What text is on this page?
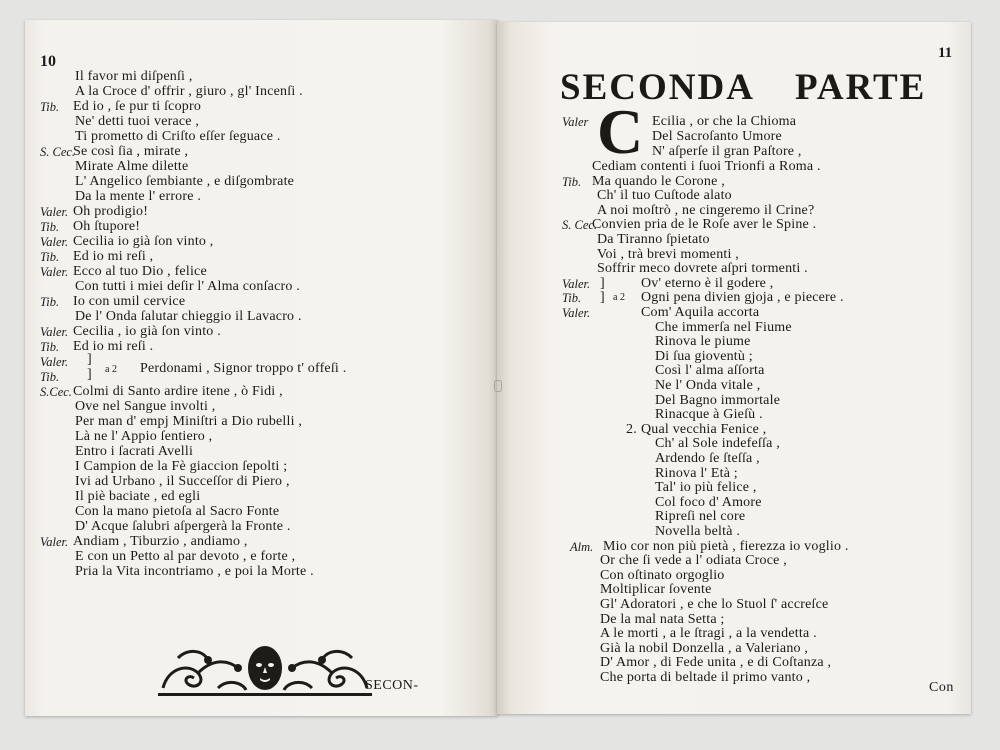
10
Il favor mi diſpenſi ,
A la Croce d' offrir , giuro , gl' Incenſi .
Tib. Ed io , ſe pur ti ſcopro
Ne' detti tuoi verace ,
Ti prometto di Criſto eſſer ſeguace .
S. Cec.
Se così ſia , mirate ,
Mirate Alme dilette
L' Angelico ſembiante , e diſgombrate
Da la mente l' errore .
Valer. Oh prodigio!
Tib. Oh ſtupore!
Valer. Cecilia io già ſon vinto ,
Tib. Ed io mi reſi ,
Valer. Ecco al tuo Dio , felice
Con tutti i miei deſir l' Alma conſacro .
Tib. Io con umil cervice
De l' Onda ſalutar chieggio il Lavacro .
Valer. Cecilia , io già ſon vinto .
Tib. Ed io mi reſi .
Valer. ]
Tib. ] a 2 Perdonami , Signor troppo t' offeſi .
S.Cec. Colmi di Santo ardire itene , ò Fidi ,
Ove nel Sangue involti ,
Per man d' empj Miniſtri a Dio rubelli ,
Là ne l' Appio ſentiero ,
Entro i ſacrati Avelli
I Campion de la Fè giaccion ſepolti ;
Ivi ad Urbano , il Succeſſor di Piero ,
Il piè baciate , ed egli
Con la mano pietoſa al Sacro Fonte
D' Acque ſalubri aſpergerà la Fronte .
Valer. Andiam , Tiburzio , andiamo ,
E con un Petto al par devoto , e forte ,
Pria la Vita incontriamo , e poi la Morte .
SECON-
11
SECONDA PARTE
C
Valer	Ecilia , or che la Chioma
Del Sacroſanto Umore
N' aſperſe il gran Paſtore ,
Cediam contenti i ſuoi Trionfi a Roma .
Tib. Ma quando le Corone ,
Ch' il tuo Cuſtode alato
A noi moſtrò , ne cingeremo il Crine?
S. Cec.
Convien pria de le Roſe aver le Spine .
Da Tiranno ſpietato
Voi , trà brevi momenti ,
Soffrir meco dovrete aſpri tormenti .
Valer. ]	Ov' eterno è il godere ,
Tib. ] a 2 Ogni pena divien gjoja , e piecere .
Valer.	Com' Aquila accorta
Che immerſa nel Fiume
Rinova le piume
Di ſua gioventù ;
Così l' alma aſſorta
Ne l' Onda vitale ,
Del Bagno immortale
Rinacque à Gieſù .
2. Qual vecchia Fenice ,
Ch' al Sole indefeſſa ,
Ardendo ſe ſteſſa ,
Rinova l' Età ;
Tal' io più felice ,
Col foco d' Amore
Ripreſi nel core
Novella beltà .
Alm. Mio cor non più pietà , fierezza io voglio .
Or che ſi vede a l' odiata Croce ,
Con oſtinato orgoglio
Moltiplicar ſovente
Gl' Adoratori , e che lo Stuol ſ' accreſce
De la mal nata Setta ;
A le morti , a le ſtragi , a la vendetta .
Già la nobil Donzella , a Valeriano ,
D' Amor , di Fede unita , e di Coſtanza ,
Che porta di beltade il primo vanto ,
Con
